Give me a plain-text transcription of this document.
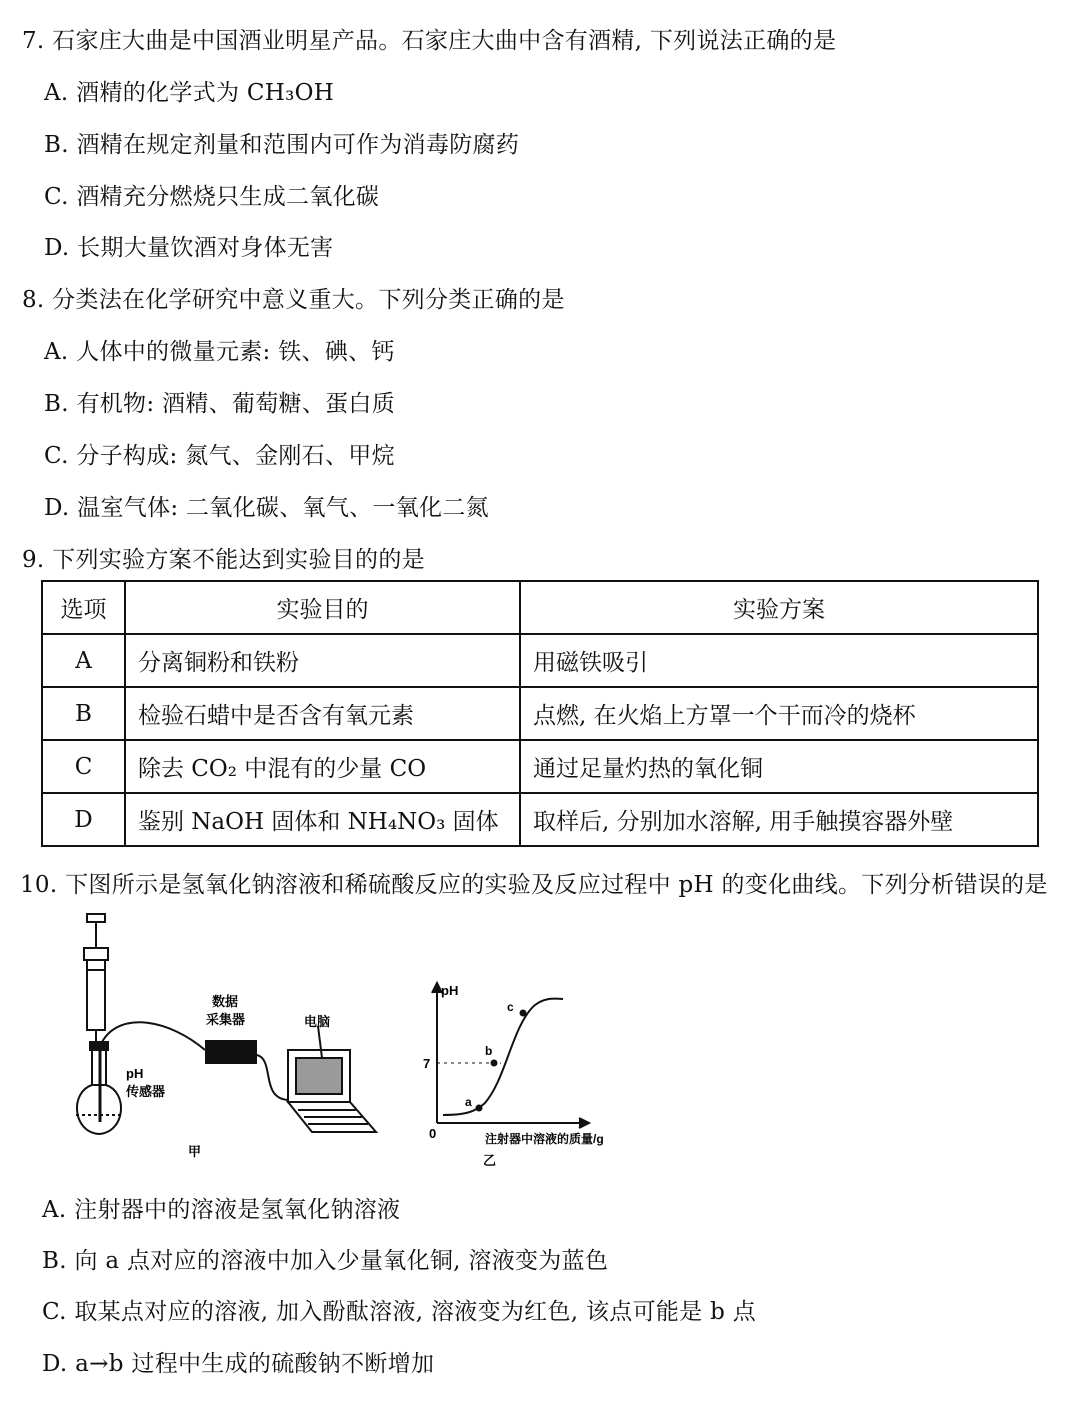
7. 石家庄大曲是中国酒业明星产品。石家庄大曲中含有酒精, 下列说法正确的是
A. 酒精的化学式为 CH₃OH
B. 酒精在规定剂量和范围内可作为消毒防腐药
C. 酒精充分燃烧只生成二氧化碳
D. 长期大量饮酒对身体无害
8. 分类法在化学研究中意义重大。下列分类正确的是
A. 人体中的微量元素: 铁、碘、钙
B. 有机物: 酒精、葡萄糖、蛋白质
C. 分子构成: 氮气、金刚石、甲烷
D. 温室气体: 二氧化碳、氧气、一氧化二氮
9. 下列实验方案不能达到实验目的的是
选项	实验目的	实验方案
A	分离铜粉和铁粉	用磁铁吸引
B	检验石蜡中是否含有氧元素	点燃, 在火焰上方罩一个干而冷的烧杯
C	除去 CO₂ 中混有的少量 CO	通过足量灼热的氧化铜
D	鉴别 NaOH 固体和 NH₄NO₃ 固体	取样后, 分别加水溶解, 用手触摸容器外壁
10. 下图所示是氢氧化钠溶液和稀硫酸反应的实验及反应过程中 pH 的变化曲线。下列分析错误的是
pH
传感器
数据
采集器	电脑
甲
pH
7
0
a
b
c
注射器中溶液的质量/g
乙
A. 注射器中的溶液是氢氧化钠溶液
B. 向 a 点对应的溶液中加入少量氧化铜, 溶液变为蓝色
C. 取某点对应的溶液, 加入酚酞溶液, 溶液变为红色, 该点可能是 b 点
D. a→b 过程中生成的硫酸钠不断增加
